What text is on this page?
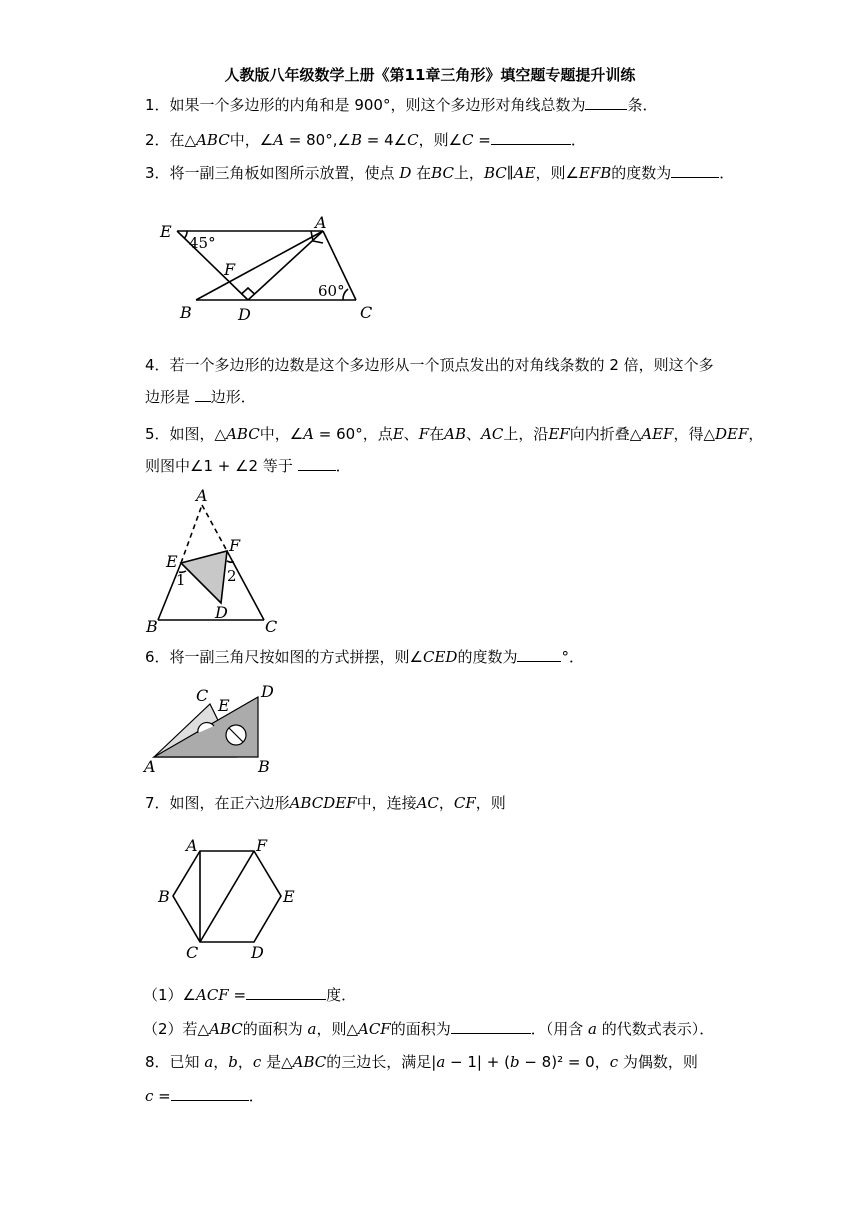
人教版八年级数学上册《第11章三角形》填空题专题提升训练
1．如果一个多边形的内角和是 900°，则这个多边形对角线总数为	条．
2．在△ABC中，∠A = 80°,∠B = 4∠C，则∠C =	．
3．将一副三角板如图所示放置，使点 D 在BC上，BC∥AE，则∠EFB的度数为	．
E	A
F
B	D	C
45°
60°
4．若一个多边形的边数是这个多边形从一个顶点发出的对角线条数的 2 倍，则这个多
边形是 边形．
5．如图，△ABC中，∠A = 60°，点E、F在AB、AC上，沿EF向内折叠△AEF，得△DEF，
则图中∠1 + ∠2 等于	．
A
E
F
B	C
D
1	2
6．将一副三角尺按如图的方式拼摆，则∠CED的度数为	°．
C
E
D
A	B
7．如图，在正六边形ABCDEF中，连接AC，CF，则
A	F
B	E
C	D
（1）∠ACF =	度．
（2）若△ABC的面积为 a，则△ACF的面积为	．（用含 a 的代数式表示）．
8．已知 a，b，c 是△ABC的三边长，满足|a − 1| + (b − 8)² = 0，c 为偶数，则
c =	．
